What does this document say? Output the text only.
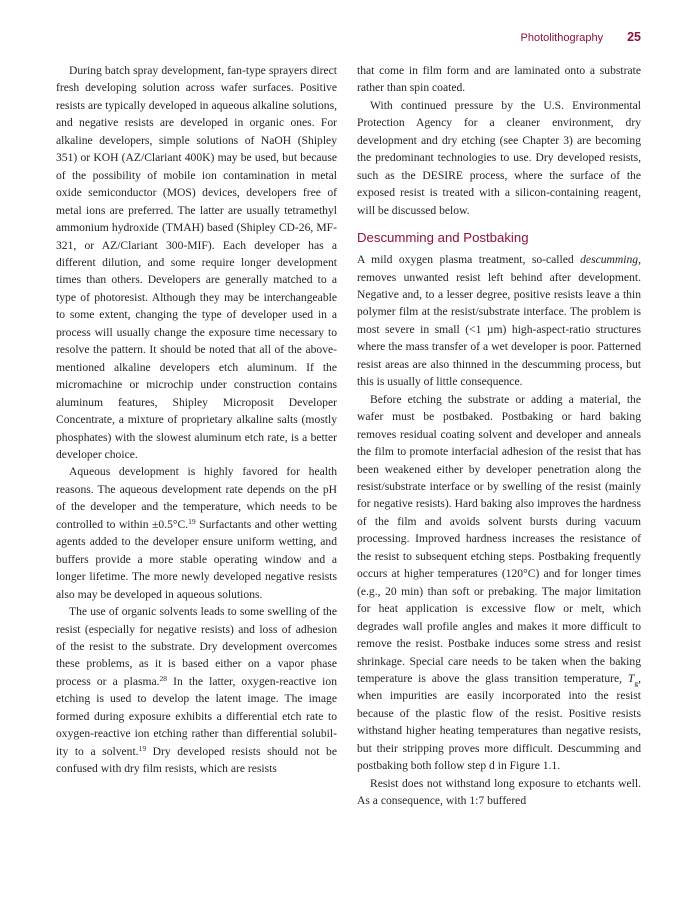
Photolithography 25

During batch spray development, fan-type sprayers direct fresh developing solution across wafer surfaces. Positive resists are typically developed in aqueous alkaline solutions, and negative resists are developed in organic ones. For alkaline developers, simple solutions of NaOH (Shipley 351) or KOH (AZ/Clariant 400K) may be used, but because of the possibility of mobile ion contamination in metal oxide semiconductor (MOS) devices, developers free of metal ions are preferred. The latter are usually tetramethyl ammonium hydroxide (TMAH) based (Shipley CD-26, MF-321, or AZ/Clariant 300-MIF). Each developer has a different dilution, and some require longer development times than others. Developers are generally matched to a type of photoresist. Although they may be interchangeable to some extent, changing the type of developer used in a process will usually change the exposure time necessary to resolve the pattern. It should be noted that all of the above-mentioned alkaline developers etch aluminum. If the micromachine or microchip under construction contains aluminum features, Shipley Microposit Developer Concentrate, a mixture of proprietary alkaline salts (mostly phosphates) with the slowest aluminum etch rate, is a better developer choice.

Aqueous development is highly favored for health reasons. The aqueous development rate depends on the pH of the developer and the temperature, which needs to be controlled to within ±0.5°C.$^{19}$ Surfactants and other wetting agents added to the developer ensure uniform wetting, and buffers provide a more stable operating window and a longer lifetime. The more newly developed negative resists also may be developed in aqueous solutions.

The use of organic solvents leads to some swelling of the resist (especially for negative resists) and loss of adhesion of the resist to the substrate. Dry development overcomes these problems, as it is based either on a vapor phase process or a plasma.$^{28}$ In the latter, oxygen-reactive ion etching is used to develop the latent image. The image formed during exposure exhibits a differential etch rate to oxygen-reactive ion etching rather than differential solubility to a solvent.$^{19}$ Dry developed resists should not be confused with dry film resists, which are resists

that come in film form and are laminated onto a substrate rather than spin coated.

With continued pressure by the U.S. Environmental Protection Agency for a cleaner environment, dry development and dry etching (see Chapter 3) are becoming the predominant technologies to use. Dry developed resists, such as the DESIRE process, where the surface of the exposed resist is treated with a silicon-containing reagent, will be discussed below.

Descumming and Postbaking

A mild oxygen plasma treatment, so-called descumming, removes unwanted resist left behind after development. Negative and, to a lesser degree, positive resists leave a thin polymer film at the resist/substrate interface. The problem is most severe in small (<1 µm) high-aspect-ratio structures where the mass transfer of a wet developer is poor. Patterned resist areas are also thinned in the descumming process, but this is usually of little consequence.

Before etching the substrate or adding a material, the wafer must be postbaked. Postbaking or hard baking removes residual coating solvent and developer and anneals the film to promote interfacial adhesion of the resist that has been weakened either by developer penetration along the resist/substrate interface or by swelling of the resist (mainly for negative resists). Hard baking also improves the hardness of the film and avoids solvent bursts during vacuum processing. Improved hardness increases the resistance of the resist to subsequent etching steps. Postbaking frequently occurs at higher temperatures (120°C) and for longer times (e.g., 20 min) than soft or prebaking. The major limitation for heat application is excessive flow or melt, which degrades wall profile angles and makes it more difficult to remove the resist. Postbake induces some stress and resist shrinkage. Special care needs to be taken when the baking temperature is above the glass transition temperature, $T_g$, when impurities are easily incorporated into the resist because of the plastic flow of the resist. Positive resists withstand higher heating temperatures than negative resists, but their stripping proves more difficult. Descumming and postbaking both follow step d in Figure 1.1.

Resist does not withstand long exposure to etchants well. As a consequence, with 1:7 buffered
